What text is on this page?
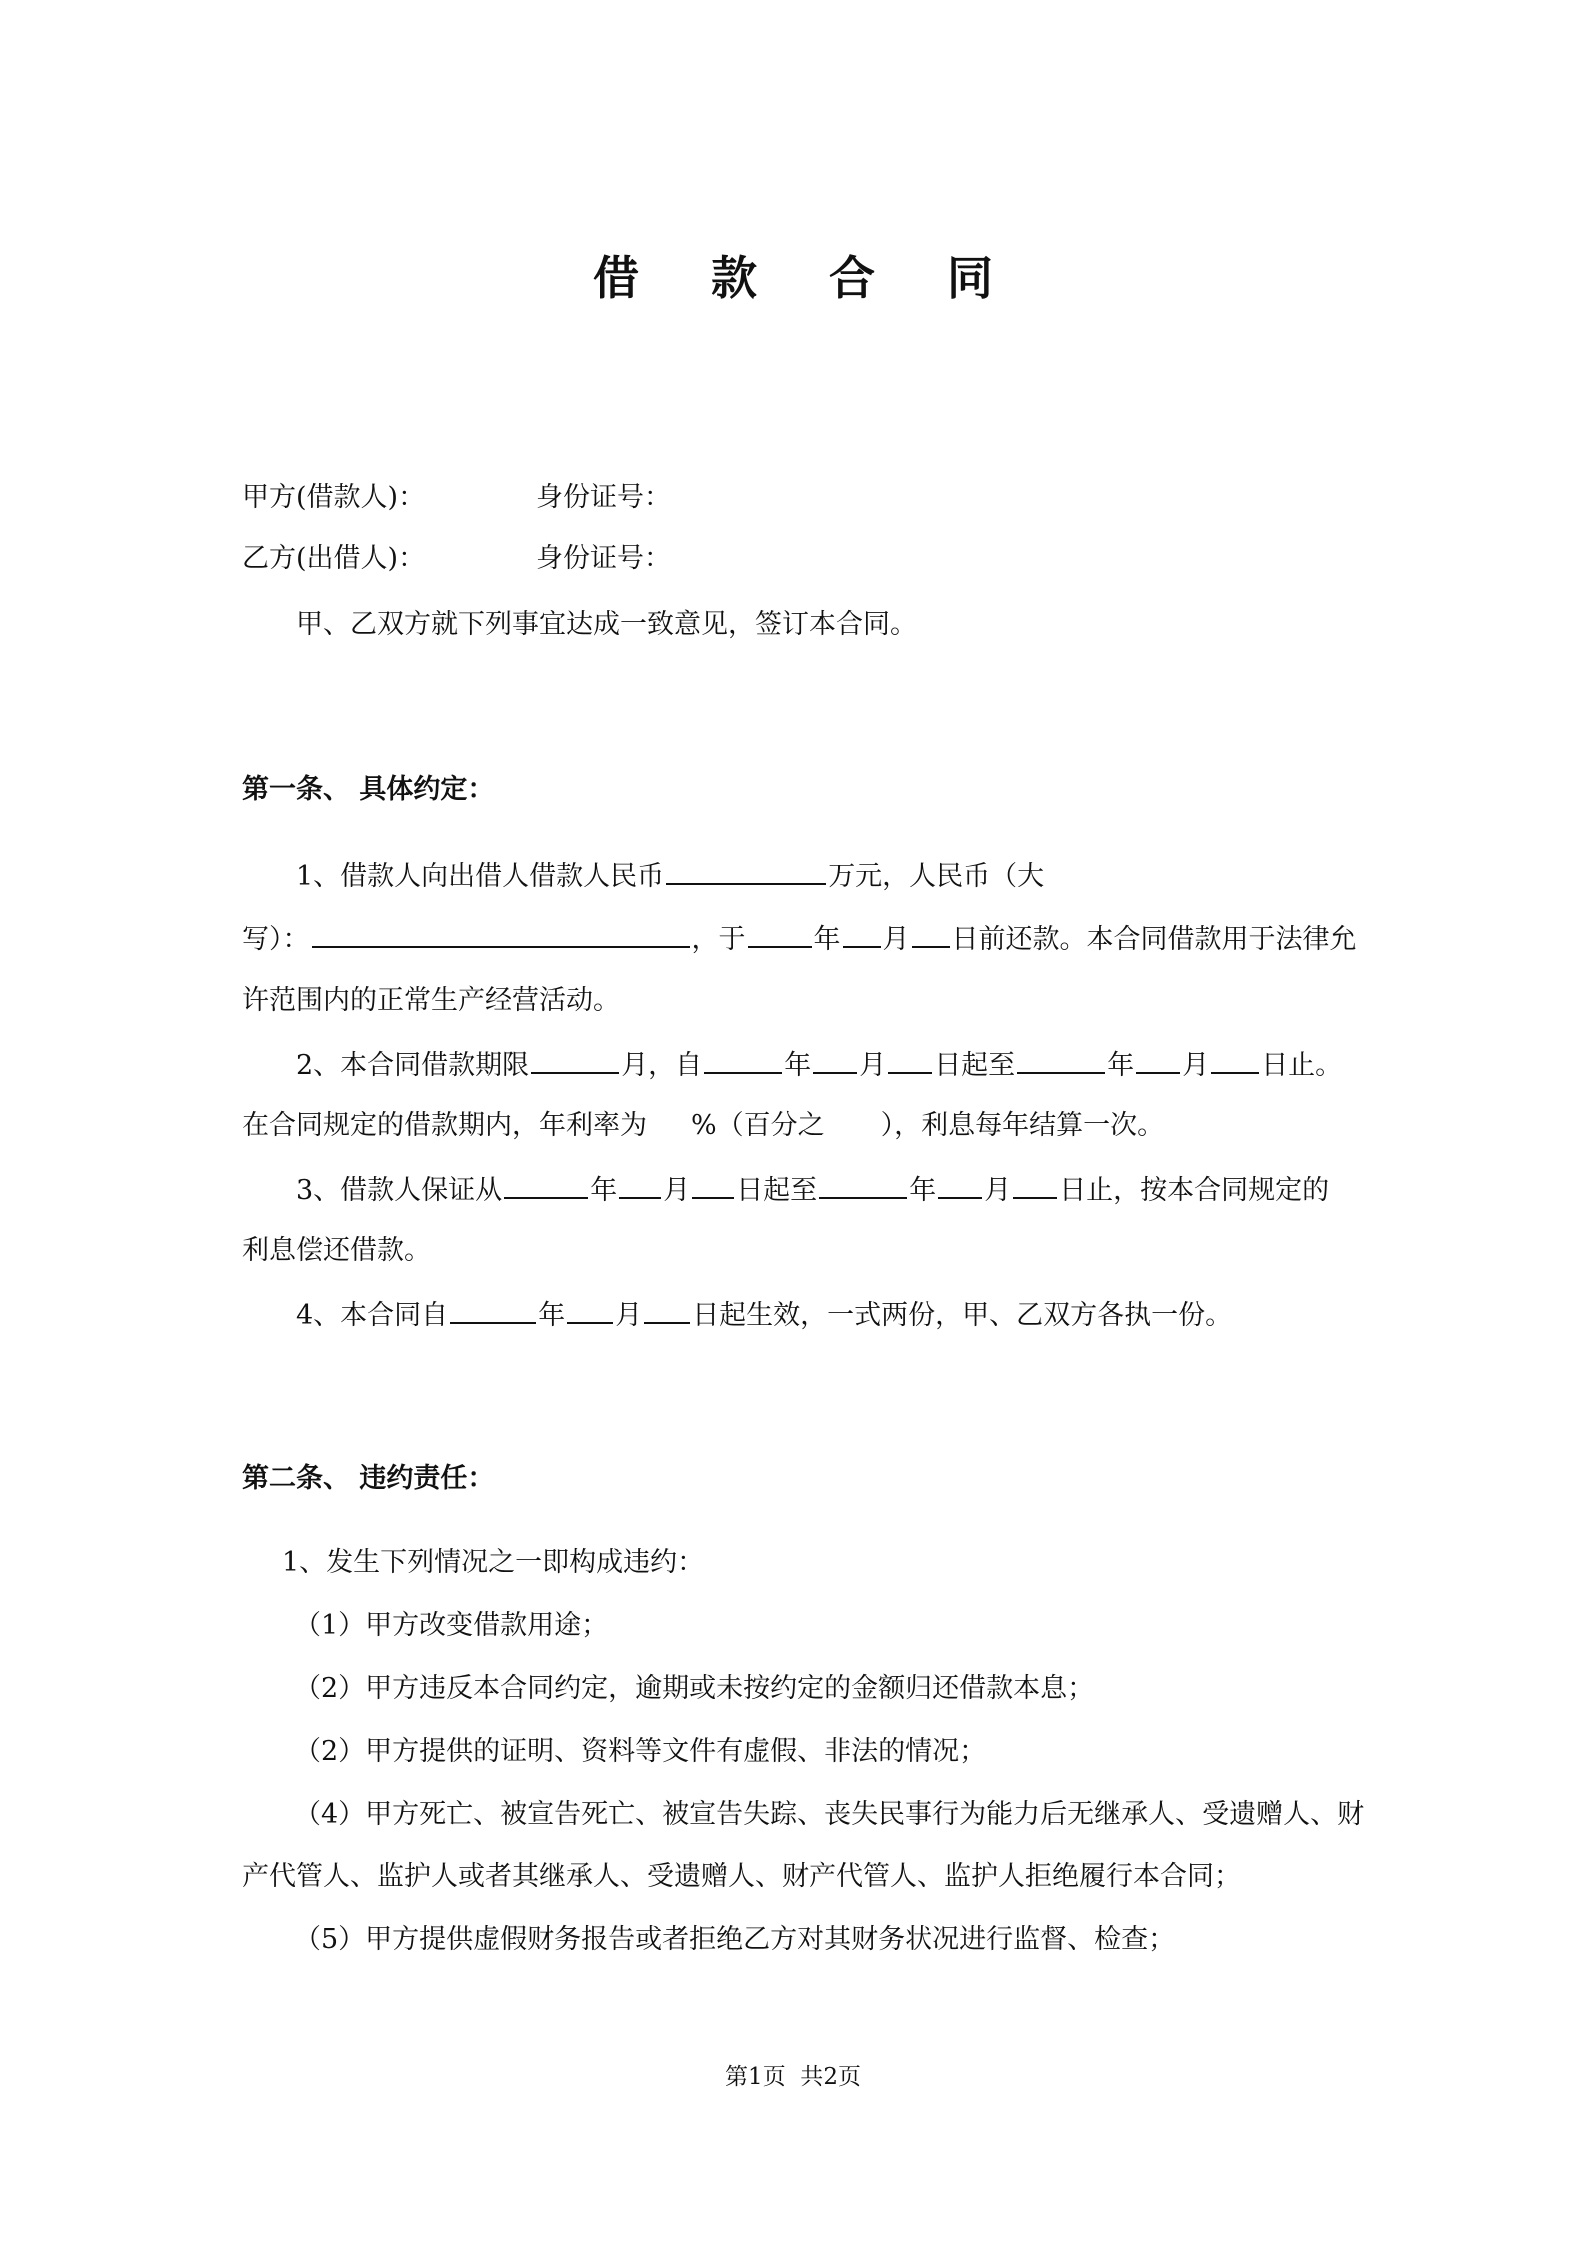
借 款 合 同
甲方(借款人)：	身份证号：
乙方(出借人)：	身份证号：
甲、乙双方就下列事宜达成一致意见，签订本合同。
第一条、 具体约定：
1、借款人向出借人借款人民币	万元，人民币（大
写）：	，于	年 月 日前还款。本合同借款用于法律允
许范围内的正常生产经营活动。
2、本合同借款期限	月，自	年 月 日起至	年 月 日止。
在合同规定的借款期内，年利率为 %（百分之 ），利息每年结算一次。
3、借款人保证从	年 月 日起至	年 月 日止，按本合同规定的
利息偿还借款。
4、本合同自	年 月 日起生效，一式两份，甲、乙双方各执一份。
第二条、 违约责任：
1、发生下列情况之一即构成违约：
（1）甲方改变借款用途；
（2）甲方违反本合同约定，逾期或未按约定的金额归还借款本息；
（2）甲方提供的证明、资料等文件有虚假、非法的情况；
（4）甲方死亡、被宣告死亡、被宣告失踪、丧失民事行为能力后无继承人、受遗赠人、财
产代管人、监护人或者其继承人、受遗赠人、财产代管人、监护人拒绝履行本合同；
（5）甲方提供虚假财务报告或者拒绝乙方对其财务状况进行监督、检查；
第1页  共2页
